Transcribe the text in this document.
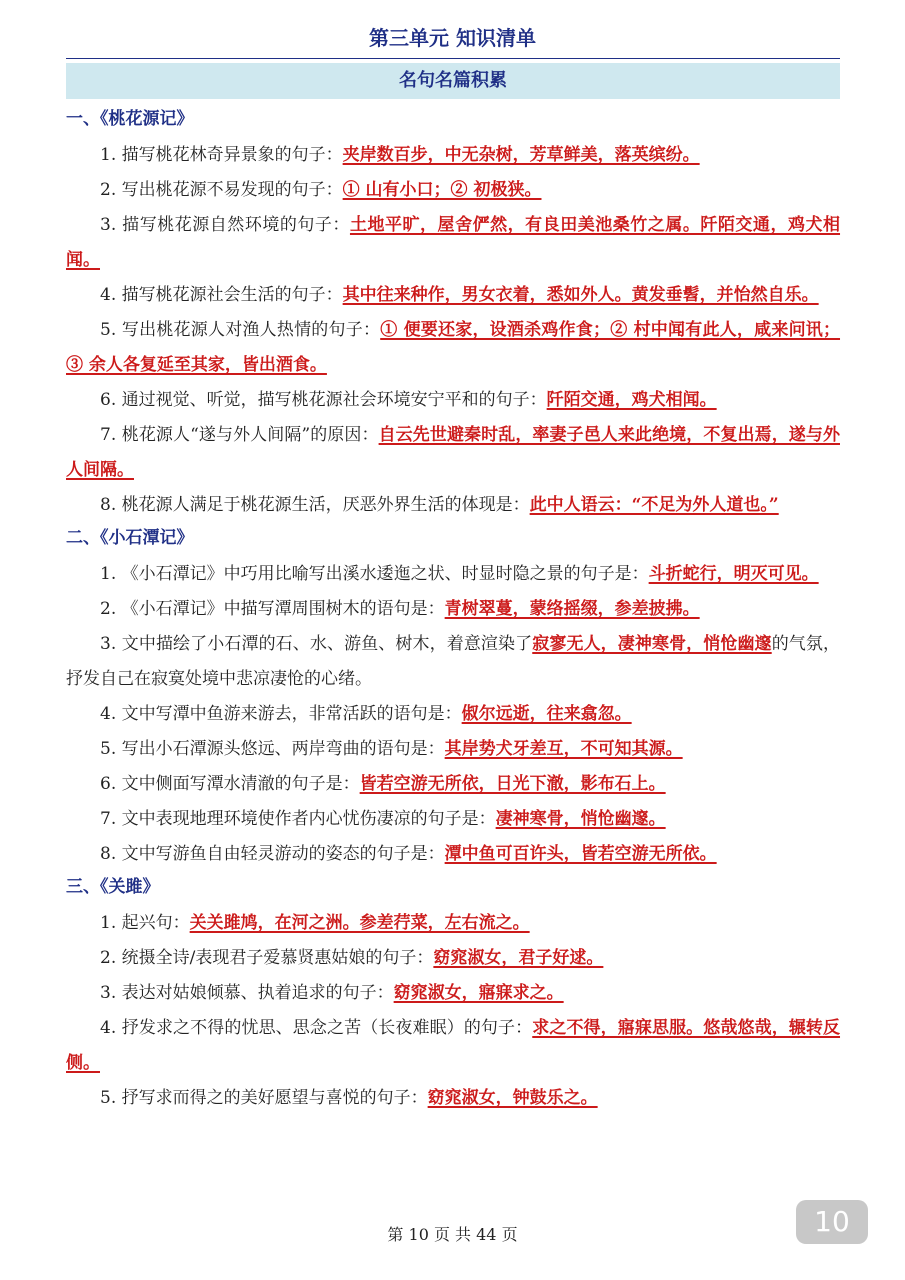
第三单元 知识清单
名句名篇积累
一、《桃花源记》
1. 描写桃花林奇异景象的句子：夹岸数百步，中无杂树，芳草鲜美，落英缤纷。
2. 写出桃花源不易发现的句子：① 山有小口；② 初极狭。
3. 描写桃花源自然环境的句子：土地平旷，屋舍俨然，有良田美池桑竹之属。阡陌交通，鸡犬相闻。
4. 描写桃花源社会生活的句子：其中往来种作，男女衣着，悉如外人。黄发垂髫，并怡然自乐。
5. 写出桃花源人对渔人热情的句子：① 便要还家，设酒杀鸡作食；② 村中闻有此人，咸来问讯；③ 余人各复延至其家，皆出酒食。
6. 通过视觉、听觉，描写桃花源社会环境安宁平和的句子：阡陌交通，鸡犬相闻。
7. 桃花源人“遂与外人间隔”的原因：自云先世避秦时乱，率妻子邑人来此绝境，不复出焉，遂与外人间隔。
8. 桃花源人满足于桃花源生活，厌恶外界生活的体现是：此中人语云：“不足为外人道也。”
二、《小石潭记》
1. 《小石潭记》中巧用比喻写出溪水逶迤之状、时显时隐之景的句子是：斗折蛇行，明灭可见。
2. 《小石潭记》中描写潭周围树木的语句是：青树翠蔓，蒙络摇缀，参差披拂。
3. 文中描绘了小石潭的石、水、游鱼、树木，着意渲染了寂寥无人，凄神寒骨，悄怆幽邃的气氛，抒发自己在寂寞处境中悲凉凄怆的心绪。
4. 文中写潭中鱼游来游去，非常活跃的语句是：俶尔远逝，往来翕忽。
5. 写出小石潭源头悠远、两岸弯曲的语句是：其岸势犬牙差互，不可知其源。
6. 文中侧面写潭水清澈的句子是：皆若空游无所依，日光下澈，影布石上。
7. 文中表现地理环境使作者内心忧伤凄凉的句子是：凄神寒骨，悄怆幽邃。
8. 文中写游鱼自由轻灵游动的姿态的句子是：潭中鱼可百许头，皆若空游无所依。
三、《关雎》
1. 起兴句：关关雎鸠，在河之洲。参差荇菜，左右流之。
2. 统摄全诗/表现君子爱慕贤惠姑娘的句子：窈窕淑女，君子好逑。
3. 表达对姑娘倾慕、执着追求的句子：窈窕淑女，寤寐求之。
4. 抒发求之不得的忧思、思念之苦（长夜难眠）的句子：求之不得，寤寐思服。悠哉悠哉，辗转反侧。
5. 抒写求而得之的美好愿望与喜悦的句子：窈窕淑女，钟鼓乐之。
第 10 页 共 44 页	10
